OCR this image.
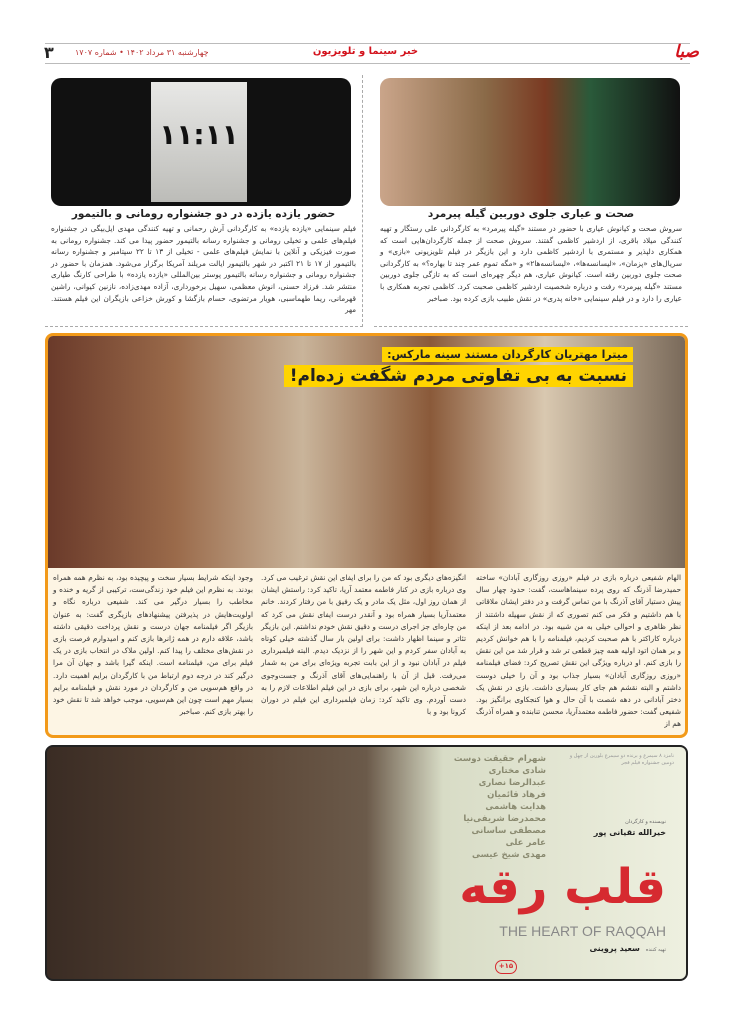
صبا
خبر سینما و تلویزیون
چهارشنبه ۳۱ مرداد ۱۴۰۲ • شماره ۱۷۰۷
۳
صحت و عیاری جلوی دوربین گیله پیرمرد
سروش صحت و کیانوش عیاری با حضور در مستند «گیله پیرمرد» به کارگردانی علی رستگار و تهیه کنندگی میلاد باقری، از اردشیر کاظمی گفتند. سروش صحت از جمله کارگردان‌هایی است که همکاری دلپذیر و مستمری با اردشیر کاظمی دارد و این بازیگر در فیلم تلویزیونی «بازی» و سریال‌های «پزمان»، «لیسانسه‌ها»، «لیسانسه‌ها۲» و «مگه تموم عمر چند تا بهاره؟» به کارگردانی صحت جلوی دوربین رفته است. کیانوش عیاری، هم دیگر چهره‌ای است که به تازگی جلوی دوربین مستند «گیله پیرمرد» رفت و درباره شخصیت اردشیر کاظمی صحبت کرد. کاظمی تجربه همکاری با عیاری را دارد و در فیلم سینمایی «خانه پدری» در نقش طبیب بازی کرده بود. صباخبر
۱۱:۱۱
حضور یازده یازده در دو جشنواره رومانی و بالتیمور
فیلم سینمایی «یازده یازده» به کارگردانی آرش رحمانی و تهیه کنندگی مهدی ایل‌بیگی در جشنواره فیلم‌های علمی و تخیلی رومانی و جشنواره رسانه بالتیمور حضور پیدا می کند. جشنواره رومانی به صورت فیزیکی و آنلاین با نمایش فیلم‌های علمی - تخیلی از ۱۳ تا ۲۲ سپتامبر و جشنواره رسانه بالتیمور از ۱۷ تا ۲۱ اکتبر در شهر بالتیمور ایالت مریلند آمریکا برگزار می‌شود. همزمان با حضور در جشنواره رومانی و جشنواره رسانه بالتیمور پوستر بین‌المللی «یازده یازده» با طراحی کارنگ طیاری منتشر شد. فرزاد حسنی، انوش معظمی، سهیل برخورداری، آزاده مهدی‌زاده، نازنین کیوانی، راشین قهرمانی، ریما طهماسبی، هویار مرتضوی، حسام بازگشا و کورش خزاعی بازیگران این فیلم هستند. مهر
میترا مهتریان کارگردان مستند سینه مارکس:
نسبت به بی تفاوتی مردم شگفت زده‌ام!
الهام شفیعی درباره بازی در فیلم «روزی روزگاری آبادان» ساخته حمیدرضا آذرنگ که روی پرده سینماهاست، گفت: حدود چهار سال پیش دستیار آقای آذرنگ با من تماس گرفت و در دفتر ایشان ملاقاتی با هم داشتیم و فکر می کنم تصوری که از نقش سهیله داشتند از نظر ظاهری و احوالی خیلی به من شبیه بود. در ادامه بعد از اینکه درباره کاراکتر با هم صحبت کردیم، فیلمنامه را با هم خوانش کردیم و بر همان اتود اولیه همه چیز قطعی تر شد و قرار شد من این نقش را بازی کنم. او درباره ویژگی این نقش تصریح کرد: فضای فیلمنامه «روزی روزگاری آبادان» بسیار جذاب بود و آن را خیلی دوست داشتم و البته نقشم هم جای کار بسیاری داشت. بازی در نقش یک دختر آبادانی در دهه شصت با آن حال و هوا کنجکاوی برانگیز بود. شفیعی گفت: حضور فاطمه معتمدآریا، محسن تنابنده و همراه آذرنگ هم از
انگیزه‌های دیگری بود که من را برای ایفای این نقش ترغیب می کرد. وی درباره بازی در کنار فاطمه معتمد آریا، تاکید کرد: راستش ایشان از همان روز اول، مثل یک مادر و یک رفیق با من رفتار کردند. خانم معتمدآریا بسیار همراه بود و آنقدر درست ایفای نقش می کرد که من چاره‌ای جز اجرای درست و دقیق نقش خودم نداشتم. این بازیگر تئاتر و سینما اظهار داشت: برای اولین بار سال گذشته خیلی کوتاه به آبادان سفر کردم و این شهر را از نزدیک دیدم. البته فیلمبرداری فیلم در آبادان نبود و از این بابت تجربه ویژه‌ای برای من به شمار می‌رفت. قبل از آن با راهنمایی‌های آقای آذرنگ و جست‌وجوی شخصی درباره این شهر، برای بازی در این فیلم اطلاعات لازم را به دست آوردم. وی تاکید کرد: زمان فیلمبرداری این فیلم در دوران کرونا بود و با
وجود اینکه شرایط بسیار سخت و پیچیده بود، به نظرم همه همراه بودند. به نظرم این فیلم خود زندگی‌ست، ترکیبی از گریه و خنده و مخاطب را بسیار درگیر می کند. شفیعی درباره نگاه و اولویت‌هایش در پذیرفتن پیشنهادهای بازیگری گفت: به عنوان بازیگر اگر فیلمنامه جهان درست و نقش پرداخت دقیقی داشته باشد، علاقه دارم در همه ژانرها بازی کنم و امیدوارم فرصت بازی در نقش‌های مختلف را پیدا کنم. اولین ملاک در انتخاب بازی در یک فیلم برای من، فیلمنامه است. اینکه گیرا باشد و جهان آن مرا درگیر کند در درجه دوم ارتباط من با کارگردان برایم اهمیت دارد. در واقع هم‌سویی من و کارگردان در مورد نقش و فیلمنامه برایم بسیار مهم است چون این هم‌سویی، موجب خواهد شد تا نقش خود را بهتر بازی کنم. صباخبر
نامزد ۸ سیمرغ و برنده دو سیمرغ بلورین از چهل و دومین جشنواره فیلم فجر
شهرام حقیقت دوست
شادی مختاری
عبدالرضا نصاری
فرهاد قائمیان
هدایت هاشمی
محمدرضا شریفی‌نیا
مصطفی ساسانی
عامر علی
مهدی شیخ عیسی
نویسنده و کارگردان
خیرالله تقیانی پور
قلب رقه
THE HEART OF RAQQAH
تهیه کننده
سعید پروینی
+۱۵
